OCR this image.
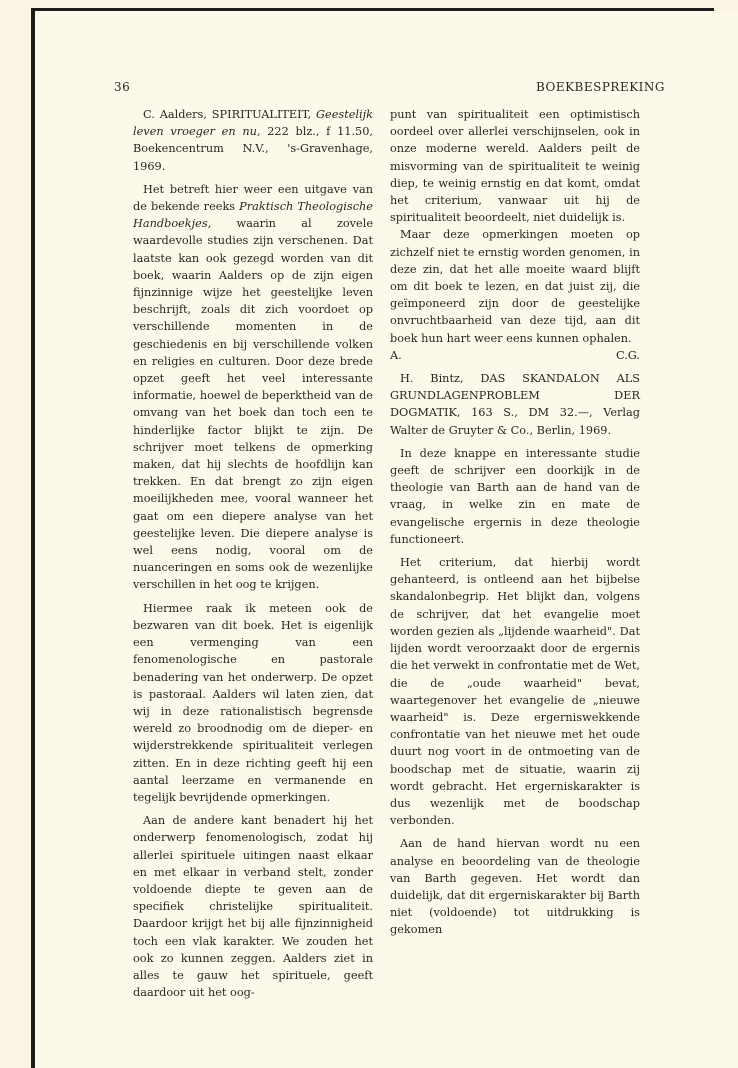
36	BOEKBESPREKING

C. Aalders, SPIRITUALITEIT, Geestelijk leven vroeger en nu, 222 blz., f 11.50, Boekencentrum N.V., 's-Gravenhage, 1969.

Het betreft hier weer een uitgave van de bekende reeks Praktisch Theologische Handboekjes, waarin al zovele waardevolle studies zijn verschenen. Dat laatste kan ook gezegd worden van dit boek, waarin Aalders op de zijn eigen fijnzinnige wijze het geestelijke leven beschrijft, zoals dit zich voordoet op verschillende momenten in de geschiedenis en bij verschillende volken en religies en culturen. Door deze brede opzet geeft het veel interessante informatie, hoewel de beperktheid van de omvang van het boek dan toch een te hinderlijke factor blijkt te zijn. De schrijver moet telkens de opmerking maken, dat hij slechts de hoofdlijn kan trekken. En dat brengt zo zijn eigen moeilijkheden mee, vooral wanneer het gaat om een diepere analyse van het geestelijke leven. Die diepere analyse is wel eens nodig, vooral om de nuanceringen en soms ook de wezenlijke verschillen in het oog te krijgen.

Hiermee raak ik meteen ook de bezwaren van dit boek. Het is eigenlijk een vermenging van een fenomenologische en pastorale benadering van het onderwerp. De opzet is pastoraal. Aalders wil laten zien, dat wij in deze rationalistisch begrensde wereld zo broodnodig om de dieper- en wijderstrekkende spiritualiteit verlegen zitten. En in deze richting geeft hij een aantal leerzame en vermanende en tegelijk bevrijdende opmerkingen.

Aan de andere kant benadert hij het onderwerp fenomenologisch, zodat hij allerlei spirituele uitingen naast elkaar en met elkaar in verband stelt, zonder voldoende diepte te geven aan de specifiek christelijke spiritualiteit. Daardoor krijgt het bij alle fijnzinnigheid toch een vlak karakter. We zouden het ook zo kunnen zeggen. Aalders ziet in alles te gauw het spirituele, geeft daardoor uit het oog-

punt van spiritualiteit een optimistisch oordeel over allerlei verschijnselen, ook in onze moderne wereld. Aalders peilt de misvorming van de spiritualiteit te weinig diep, te weinig ernstig en dat komt, omdat het criterium, vanwaar uit hij de spiritualiteit beoordeelt, niet duidelijk is.

Maar deze opmerkingen moeten op zichzelf niet te ernstig worden genomen, in deze zin, dat het alle moeite waard blijft om dit boek te lezen, en dat juist zij, die geïmponeerd zijn door de geestelijke onvruchtbaarheid van deze tijd, aan dit boek hun hart weer eens kunnen ophalen.

A.	C.G.

H. Bintz, DAS SKANDALON ALS GRUNDLAGENPROBLEM DER DOGMATIK, 163 S., DM 32.—, Verlag Walter de Gruyter & Co., Berlin, 1969.

In deze knappe en interessante studie geeft de schrijver een doorkijk in de theologie van Barth aan de hand van de vraag, in welke zin en mate de evangelische ergernis in deze theologie functioneert.

Het criterium, dat hierbij wordt gehanteerd, is ontleend aan het bijbelse skandalonbegrip. Het blijkt dan, volgens de schrijver, dat het evangelie moet worden gezien als „lijdende waarheid". Dat lijden wordt veroorzaakt door de ergernis die het verwekt in confrontatie met de Wet, die de „oude waarheid" bevat, waartegenover het evangelie de „nieuwe waarheid" is. Deze ergerniswekkende confrontatie van het nieuwe met het oude duurt nog voort in de ontmoeting van de boodschap met de situatie, waarin zij wordt gebracht. Het ergerniskarakter is dus wezenlijk met de boodschap verbonden.

Aan de hand hiervan wordt nu een analyse en beoordeling van de theologie van Barth gegeven. Het wordt dan duidelijk, dat dit ergerniskarakter bij Barth niet (voldoende) tot uitdrukking is gekomen
